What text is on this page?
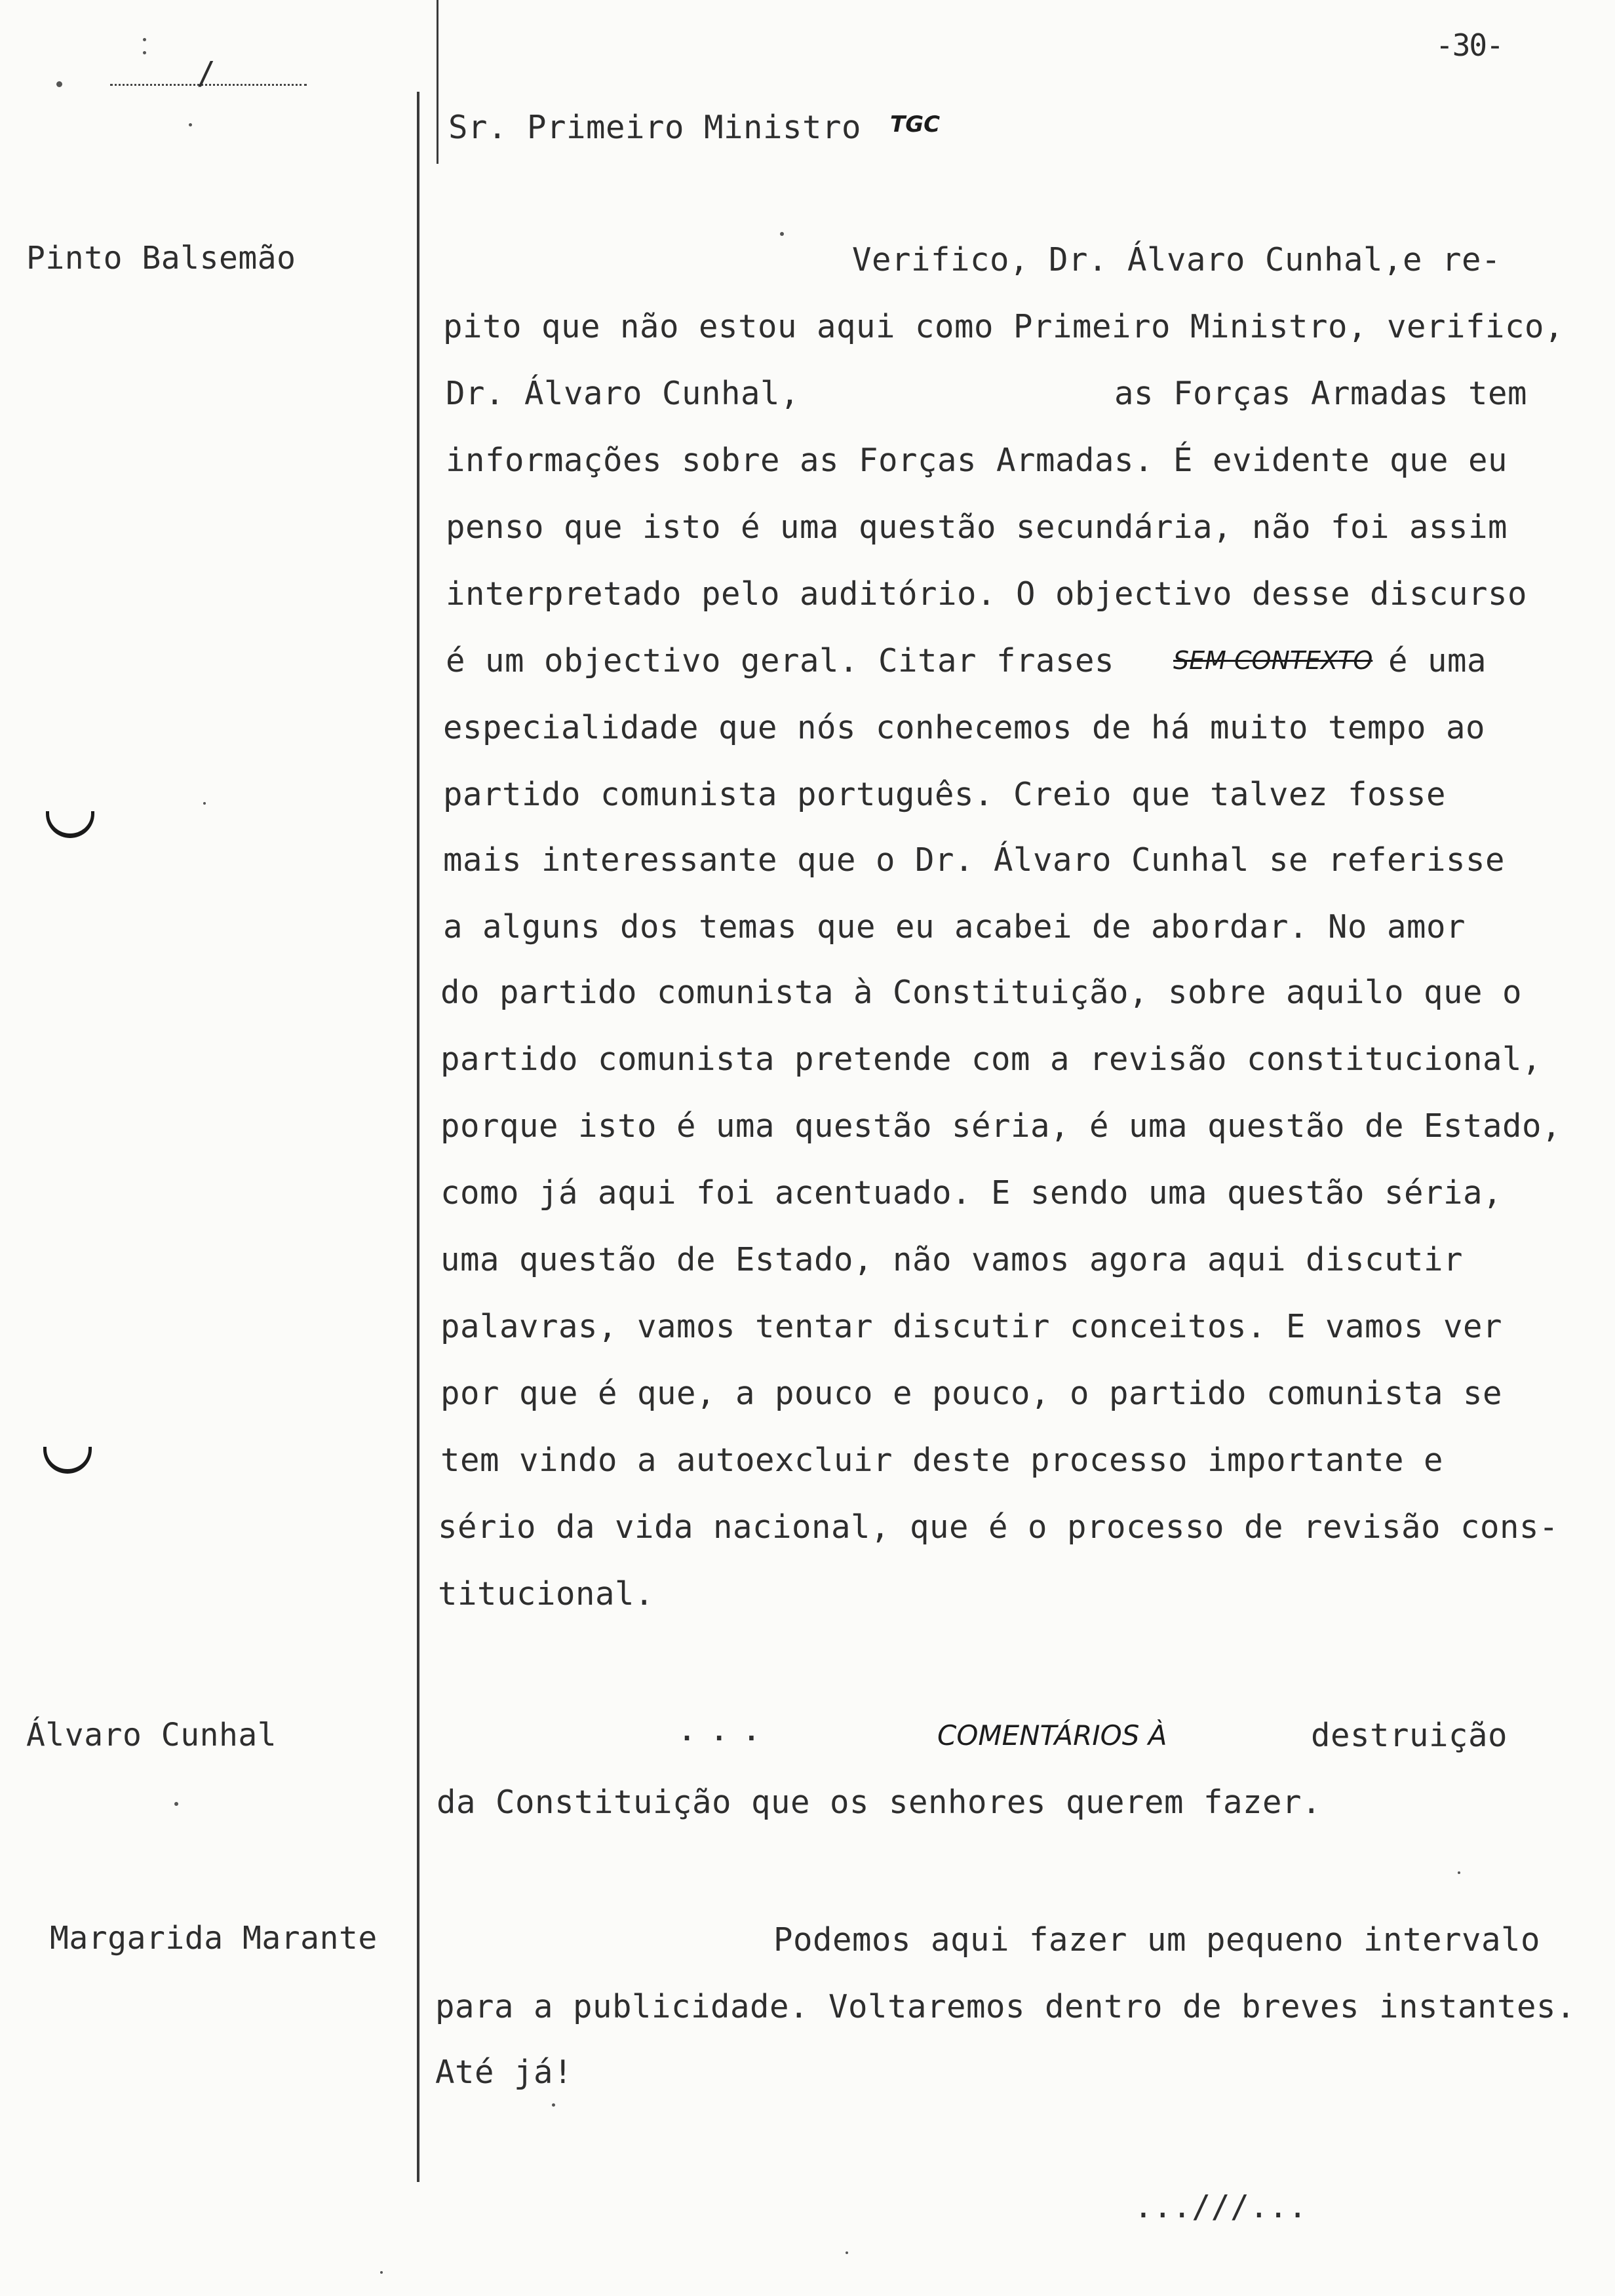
-30-
/
Pinto Balsemão
Álvaro Cunhal
Margarida Marante
Sr. Primeiro Ministro TGC
Verifico, Dr. Álvaro Cunhal,e re-
pito que não estou aqui como Primeiro Ministro, verifico,
Dr. Álvaro Cunhal,	as Forças Armadas tem
informações sobre as Forças Armadas. É evidente que eu
penso que isto é uma questão secundária, não foi assim
interpretado pelo auditório. O objectivo desse discurso
é um objectivo geral. Citar frases SEM CONTEXTO é uma
especialidade que nós conhecemos de há muito tempo ao
partido comunista português. Creio que talvez fosse
mais interessante que o Dr. Álvaro Cunhal se referisse
a alguns dos temas que eu acabei de abordar. No amor
do partido comunista à Constituição, sobre aquilo que o
partido comunista pretende com a revisão constitucional,
porque isto é uma questão séria, é uma questão de Estado,
como já aqui foi acentuado. E sendo uma questão séria,
uma questão de Estado, não vamos agora aqui discutir
palavras, vamos tentar discutir conceitos. E vamos ver
por que é que, a pouco e pouco, o partido comunista se
tem vindo a autoexcluir deste processo importante e
sério da vida nacional, que é o processo de revisão cons-
titucional.
. . .	COMENTÁRIOS À	destruição
da Constituição que os senhores querem fazer.
Podemos aqui fazer um pequeno intervalo
para a publicidade. Voltaremos dentro de breves instantes.
Até já!
...///...
